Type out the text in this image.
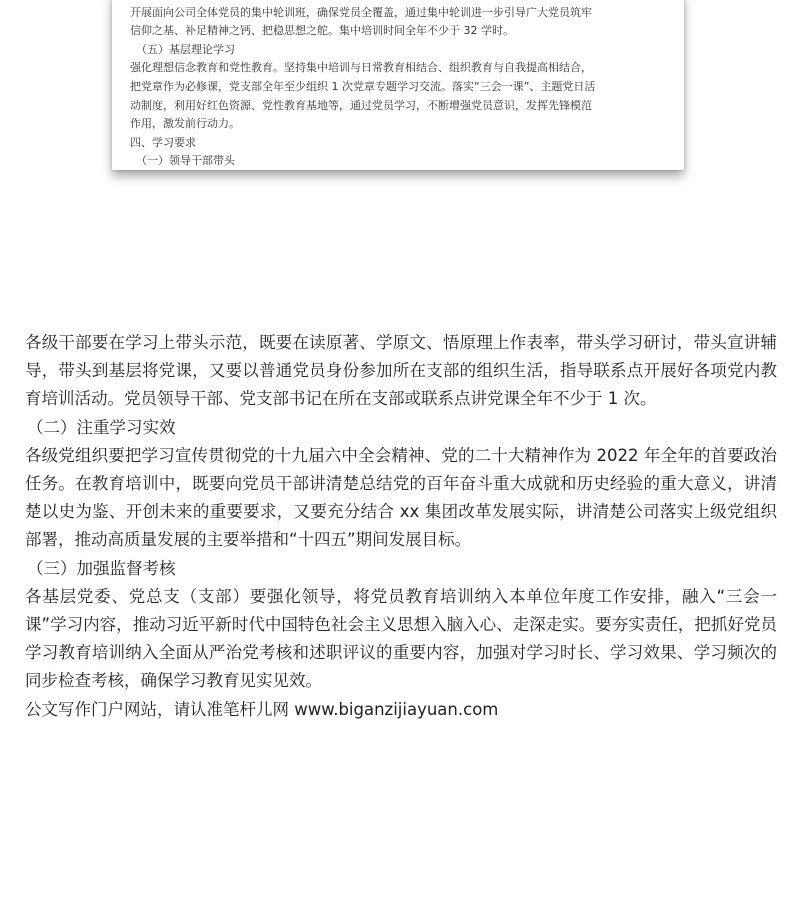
开展面向公司全体党员的集中轮训班，确保党员全覆盖，通过集中轮训进一步引导广大党员筑牢

信仰之基、补足精神之钙、把稳思想之舵。集中培训时间全年不少于 32 学时。

（五）基层理论学习

强化理想信念教育和党性教育。坚持集中培训与日常教育相结合、组织教育与自我提高相结合，

把党章作为必修课，党支部全年至少组织 1 次党章专题学习交流。落实“三会一课”、主题党日活

动制度，利用好红色资源、党性教育基地等，通过党员学习，不断增强党员意识，发挥先锋模范

作用，激发前行动力。

四、学习要求

（一）领导干部带头

各级干部要在学习上带头示范，既要在读原著、学原文、悟原理上作表率，带头学习研讨，带头宣讲辅导，带头到基层将党课，又要以普通党员身份参加所在支部的组织生活，指导联系点开展好各项党内教育培训活动。党员领导干部、党支部书记在所在支部或联系点讲党课全年不少于 1 次。

（二）注重学习实效

各级党组织要把学习宣传贯彻党的十九届六中全会精神、党的二十大精神作为 2022 年全年的首要政治任务。在教育培训中，既要向党员干部讲清楚总结党的百年奋斗重大成就和历史经验的重大意义，讲清楚以史为鉴、开创未来的重要要求，又要充分结合 xx 集团改革发展实际，讲清楚公司落实上级党组织部署，推动高质量发展的主要举措和“十四五”期间发展目标。

（三）加强监督考核

各基层党委、党总支（支部）要强化领导，将党员教育培训纳入本单位年度工作安排，融入“三会一课”学习内容，推动习近平新时代中国特色社会主义思想入脑入心、走深走实。要夯实责任，把抓好党员学习教育培训纳入全面从严治党考核和述职评议的重要内容，加强对学习时长、学习效果、学习频次的同步检查考核，确保学习教育见实见效。

公文写作门户网站，请认准笔杆儿网 www.biganzijiayuan.com
